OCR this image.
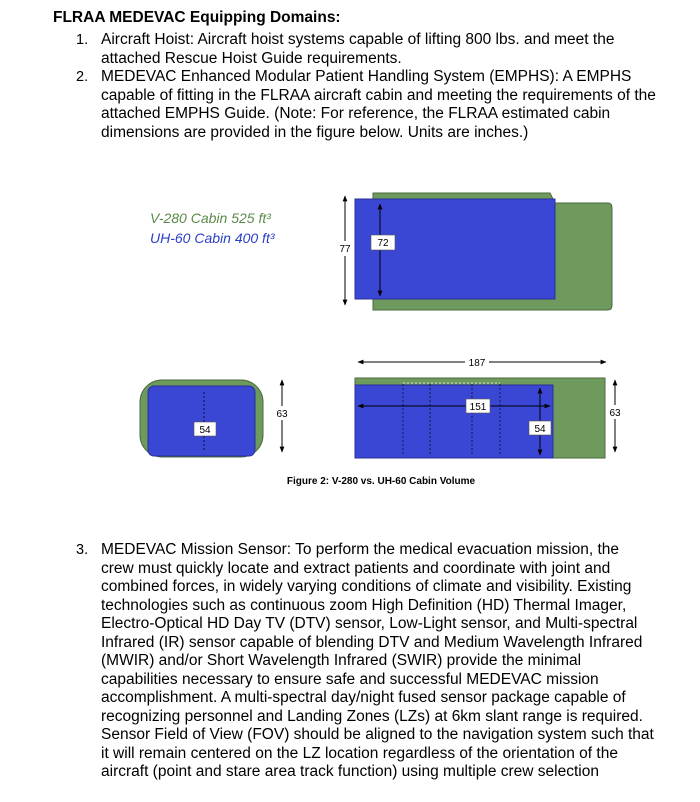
FLRAA MEDEVAC Equipping Domains:
1. Aircraft Hoist: Aircraft hoist systems capable of lifting 800 lbs. and meet the
attached Rescue Hoist Guide requirements.
2. MEDEVAC Enhanced Modular Patient Handling System (EMPHS): A EMPHS
capable of fitting in the FLRAA aircraft cabin and meeting the requirements of the
attached EMPHS Guide. (Note: For reference, the FLRAA estimated cabin
dimensions are provided in the figure below. Units are inches.)
V-280 Cabin 525 ft³
UH-60 Cabin 400 ft³
77
72
187
63
54
151
54
63
Figure 2: V-280 vs. UH-60 Cabin Volume
3. MEDEVAC Mission Sensor: To perform the medical evacuation mission, the
crew must quickly locate and extract patients and coordinate with joint and
combined forces, in widely varying conditions of climate and visibility. Existing
technologies such as continuous zoom High Definition (HD) Thermal Imager,
Electro-Optical HD Day TV (DTV) sensor, Low-Light sensor, and Multi-spectral
Infrared (IR) sensor capable of blending DTV and Medium Wavelength Infrared
(MWIR) and/or Short Wavelength Infrared (SWIR) provide the minimal
capabilities necessary to ensure safe and successful MEDEVAC mission
accomplishment. A multi-spectral day/night fused sensor package capable of
recognizing personnel and Landing Zones (LZs) at 6km slant range is required.
Sensor Field of View (FOV) should be aligned to the navigation system such that
it will remain centered on the LZ location regardless of the orientation of the
aircraft (point and stare area track function) using multiple crew selection
